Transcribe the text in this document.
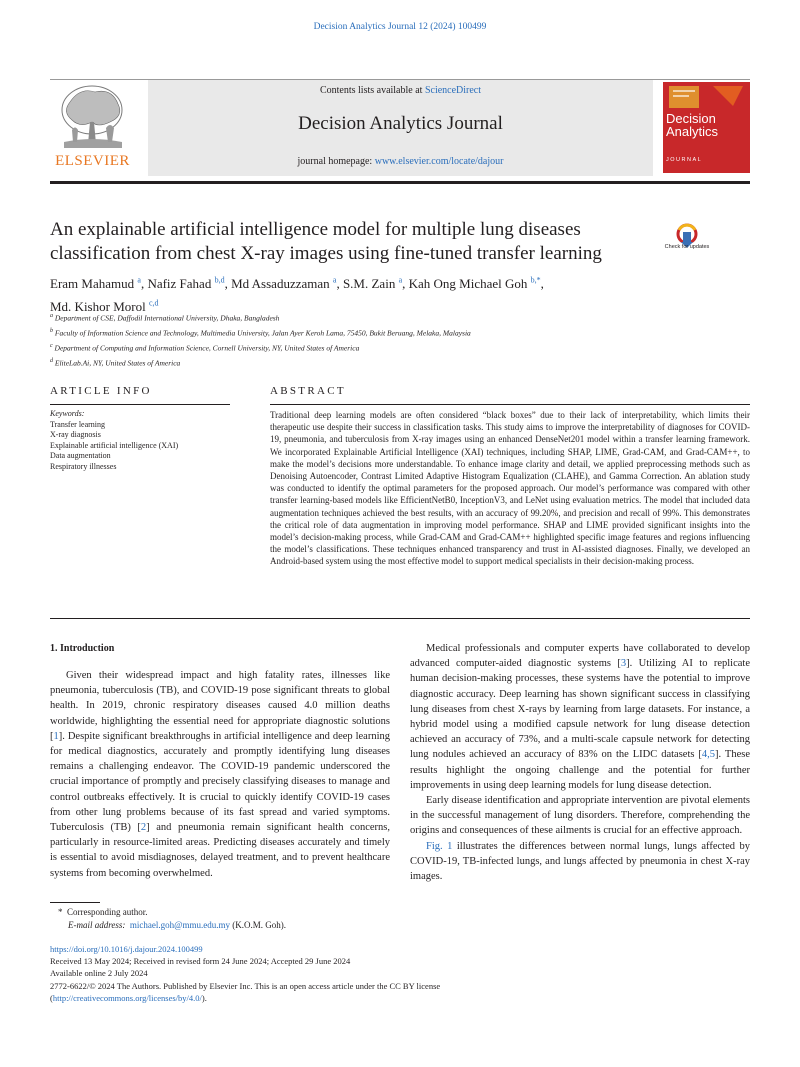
Decision Analytics Journal 12 (2024) 100499
Contents lists available at ScienceDirect
Decision Analytics Journal
journal homepage: www.elsevier.com/locate/dajour
ELSEVIER
Decision
Analytics
JOURNAL
An explainable artificial intelligence model for multiple lung diseases classification from chest X-ray images using fine-tuned transfer learning	Check for updates
Eram Mahamud $^a$, Nafiz Fahad $^{b,d}$, Md Assaduzzaman $^a$, S.M. Zain $^a$, Kah Ong Michael Goh $^{b,*}$,
Md. Kishor Morol $^{c,d}$
$^a$ Department of CSE, Daffodil International University, Dhaka, Bangladesh
$^b$ Faculty of Information Science and Technology, Multimedia University, Jalan Ayer Keroh Lama, 75450, Bukit Beruang, Melaka, Malaysia
$^c$ Department of Computing and Information Science, Cornell University, NY, United States of America
$^d$ EliteLab.Ai, NY, United States of America
ARTICLE INFO	ABSTRACT
Keywords:
Transfer learning
X-ray diagnosis
Explainable artificial intelligence (XAI)
Data augmentation
Respiratory illnesses
Traditional deep learning models are often considered “black boxes” due to their lack of interpretability, which limits their therapeutic use despite their success in classification tasks. This study aims to improve the interpretability of diagnoses for COVID-19, pneumonia, and tuberculosis from X-ray images using an enhanced DenseNet201 model within a transfer learning framework. We incorporated Explainable Artificial Intelligence (XAI) techniques, including SHAP, LIME, Grad-CAM, and Grad-CAM++, to make the model’s decisions more understandable. To enhance image clarity and detail, we applied preprocessing methods such as Denoising Autoencoder, Contrast Limited Adaptive Histogram Equalization (CLAHE), and Gamma Correction. An ablation study was conducted to identify the optimal parameters for the proposed approach. Our model’s performance was compared with other transfer learning-based models like EfficientNetB0, InceptionV3, and LeNet using evaluation metrics. The model that included data augmentation techniques achieved the best results, with an accuracy of 99.20%, and precision and recall of 99%. This demonstrates the critical role of data augmentation in improving model performance. SHAP and LIME provided significant insights into the model’s decision-making process, while Grad-CAM and Grad-CAM++ highlighted specific image features and regions influencing the model’s classifications. These techniques enhanced transparency and trust in AI-assisted diagnoses. Finally, we developed an Android-based system using the most effective model to support medical specialists in their decision-making process.
1. Introduction

Given their widespread impact and high fatality rates, illnesses like pneumonia, tuberculosis (TB), and COVID-19 pose significant threats to global health. In 2019, chronic respiratory diseases caused 4.0 million deaths worldwide, highlighting the essential need for appropriate diagnostic solutions [1]. Despite significant breakthroughs in artificial intelligence and deep learning for medical diagnostics, accurately and promptly identifying lung diseases remains a challenging endeavor. The COVID-19 pandemic underscored the crucial importance of promptly and precisely classifying diseases to manage and control outbreaks effectively. It is crucial to quickly identify COVID-19 cases from other lung problems because of its fast spread and varied symptoms. Tuberculosis (TB) [2] and pneumonia remain significant health concerns, particularly in resource-limited areas. Predicting diseases accurately and timely is essential to avoid misdiagnoses, delayed treatment, and to prevent healthcare systems from becoming overwhelmed.

Medical professionals and computer experts have collaborated to develop advanced computer-aided diagnostic systems [3]. Utilizing AI to replicate human decision-making processes, these systems have the potential to improve diagnostic accuracy. Deep learning has shown significant success in classifying lung diseases from chest X-rays by learning from large datasets. For instance, a hybrid model using a modified capsule network for lung disease detection achieved an accuracy of 73%, and a multi-scale capsule network for detecting lung nodules achieved an accuracy of 83% on the LIDC datasets [4,5]. These results highlight the ongoing challenge and the potential for further improvements in using deep learning models for lung disease detection.

Early disease identification and appropriate intervention are pivotal elements in the successful management of lung disorders. Therefore, comprehending the origins and consequences of these ailments is crucial for an effective approach.

Fig. 1 illustrates the differences between normal lungs, lungs affected by COVID-19, TB-infected lungs, and lungs affected by pneumonia in chest X-ray images.

* Corresponding author.
E-mail address: michael.goh@mmu.edu.my (K.O.M. Goh).
https://doi.org/10.1016/j.dajour.2024.100499
Received 13 May 2024; Received in revised form 24 June 2024; Accepted 29 June 2024
Available online 2 July 2024
2772-6622/© 2024 The Authors. Published by Elsevier Inc. This is an open access article under the CC BY license
(http://creativecommons.org/licenses/by/4.0/).
